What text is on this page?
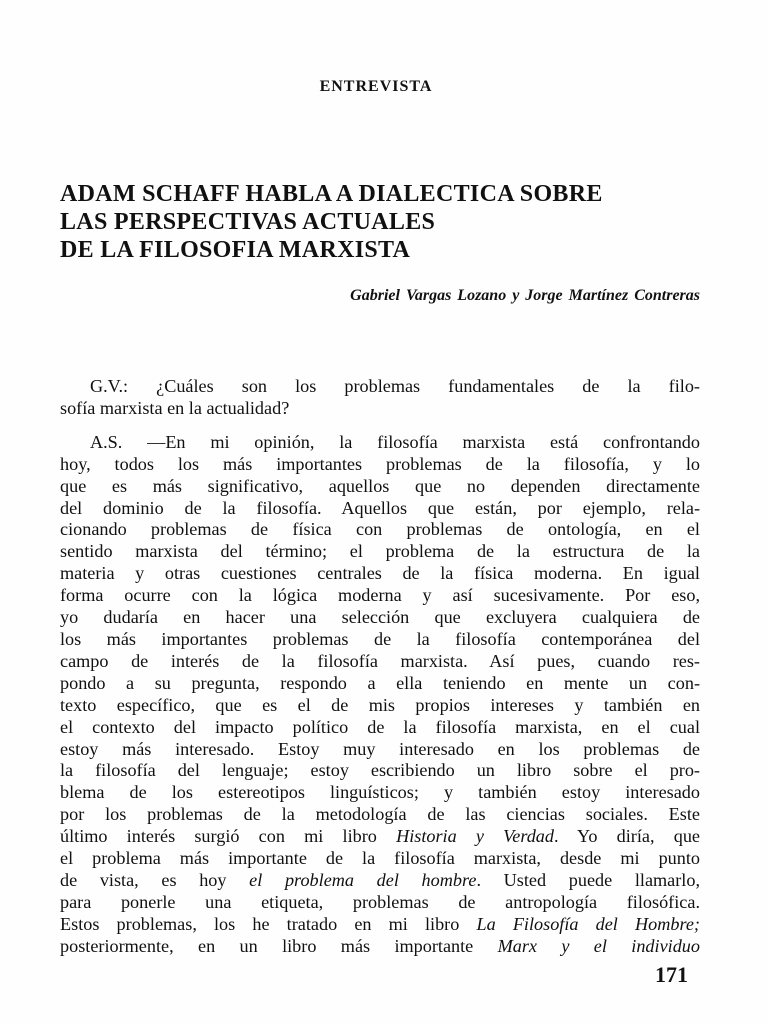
ENTREVISTA
ADAM SCHAFF HABLA A DIALECTICA SOBRE
LAS PERSPECTIVAS ACTUALES
DE LA FILOSOFIA MARXISTA
Gabriel Vargas Lozano y Jorge Martínez Contreras
G.V.: ¿Cuáles son los problemas fundamentales de la filo-
sofía marxista en la actualidad?
A.S. —En mi opinión, la filosofía marxista está confrontando
hoy, todos los más importantes problemas de la filosofía, y lo
que es más significativo, aquellos que no dependen directamente
del dominio de la filosofía. Aquellos que están, por ejemplo, rela-
cionando problemas de física con problemas de ontología, en el
sentido marxista del término; el problema de la estructura de la
materia y otras cuestiones centrales de la física moderna. En igual
forma ocurre con la lógica moderna y así sucesivamente. Por eso,
yo dudaría en hacer una selección que excluyera cualquiera de
los más importantes problemas de la filosofía contemporánea del
campo de interés de la filosofía marxista. Así pues, cuando res-
pondo a su pregunta, respondo a ella teniendo en mente un con-
texto específico, que es el de mis propios intereses y también en
el contexto del impacto político de la filosofía marxista, en el cual
estoy más interesado. Estoy muy interesado en los problemas de
la filosofía del lenguaje; estoy escribiendo un libro sobre el pro-
blema de los estereotipos linguísticos; y también estoy interesado
por los problemas de la metodología de las ciencias sociales. Este
último interés surgió con mi libro Historia y Verdad. Yo diría, que
el problema más importante de la filosofía marxista, desde mi punto
de vista, es hoy el problema del hombre. Usted puede llamarlo,
para ponerle una etiqueta, problemas de antropología filosófica.
Estos problemas, los he tratado en mi libro La Filosofía del Hombre;
posteriormente, en un libro más importante Marx y el individuo
171
